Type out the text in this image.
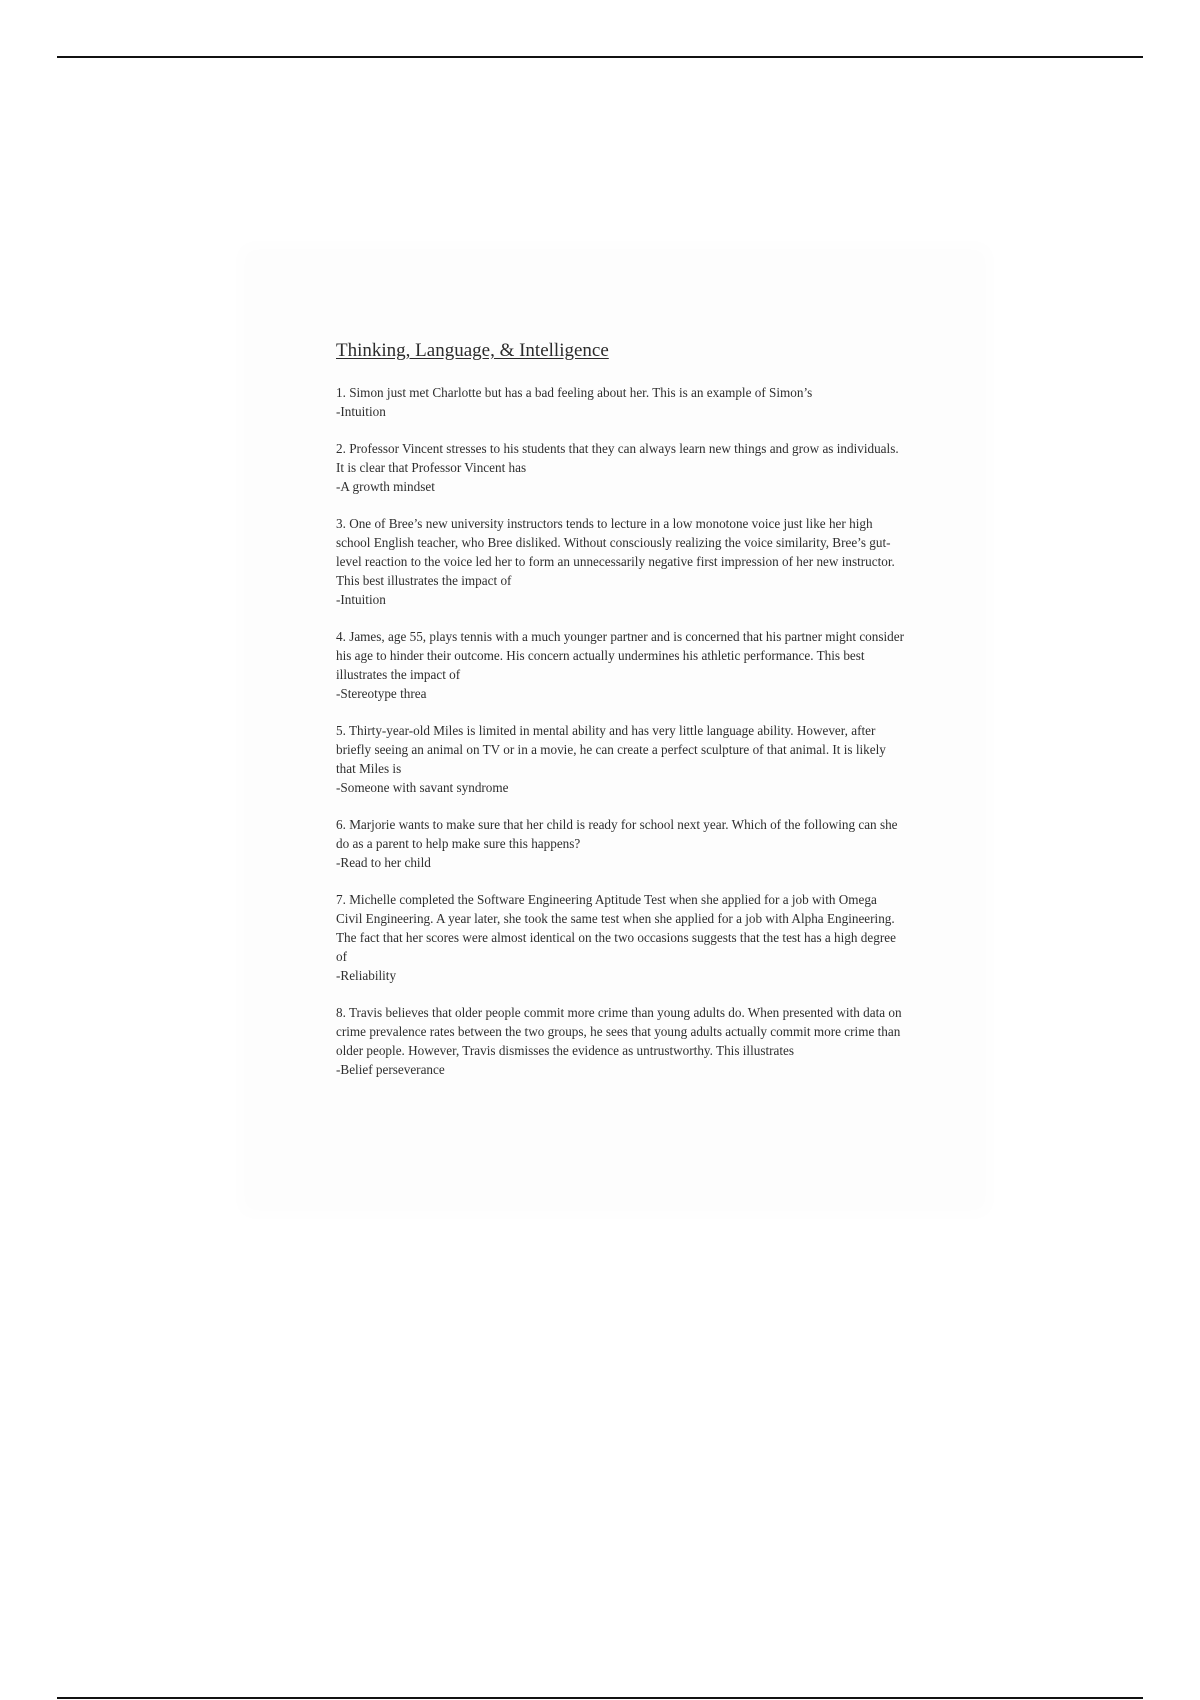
Thinking, Language, & Intelligence

1. Simon just met Charlotte but has a bad feeling about her. This is an example of Simon’s

-Intuition

2. Professor Vincent stresses to his students that they can always learn new things and grow as individuals. It is clear that Professor Vincent has

-A growth mindset

3. One of Bree’s new university instructors tends to lecture in a low monotone voice just like her high school English teacher, who Bree disliked. Without consciously realizing the voice similarity, Bree’s gut-level reaction to the voice led her to form an unnecessarily negative first impression of her new instructor. This best illustrates the impact of

-Intuition

4. James, age 55, plays tennis with a much younger partner and is concerned that his partner might consider his age to hinder their outcome. His concern actually undermines his athletic performance. This best illustrates the impact of

-Stereotype threa

5. Thirty-year-old Miles is limited in mental ability and has very little language ability. However, after briefly seeing an animal on TV or in a movie, he can create a perfect sculpture of that animal. It is likely that Miles is

-Someone with savant syndrome

6. Marjorie wants to make sure that her child is ready for school next year. Which of the following can she do as a parent to help make sure this happens?

-Read to her child

7. Michelle completed the Software Engineering Aptitude Test when she applied for a job with Omega Civil Engineering. A year later, she took the same test when she applied for a job with Alpha Engineering. The fact that her scores were almost identical on the two occasions suggests that the test has a high degree of

-Reliability

8. Travis believes that older people commit more crime than young adults do. When presented with data on crime prevalence rates between the two groups, he sees that young adults actually commit more crime than older people. However, Travis dismisses the evidence as untrustworthy. This illustrates

-Belief perseverance
